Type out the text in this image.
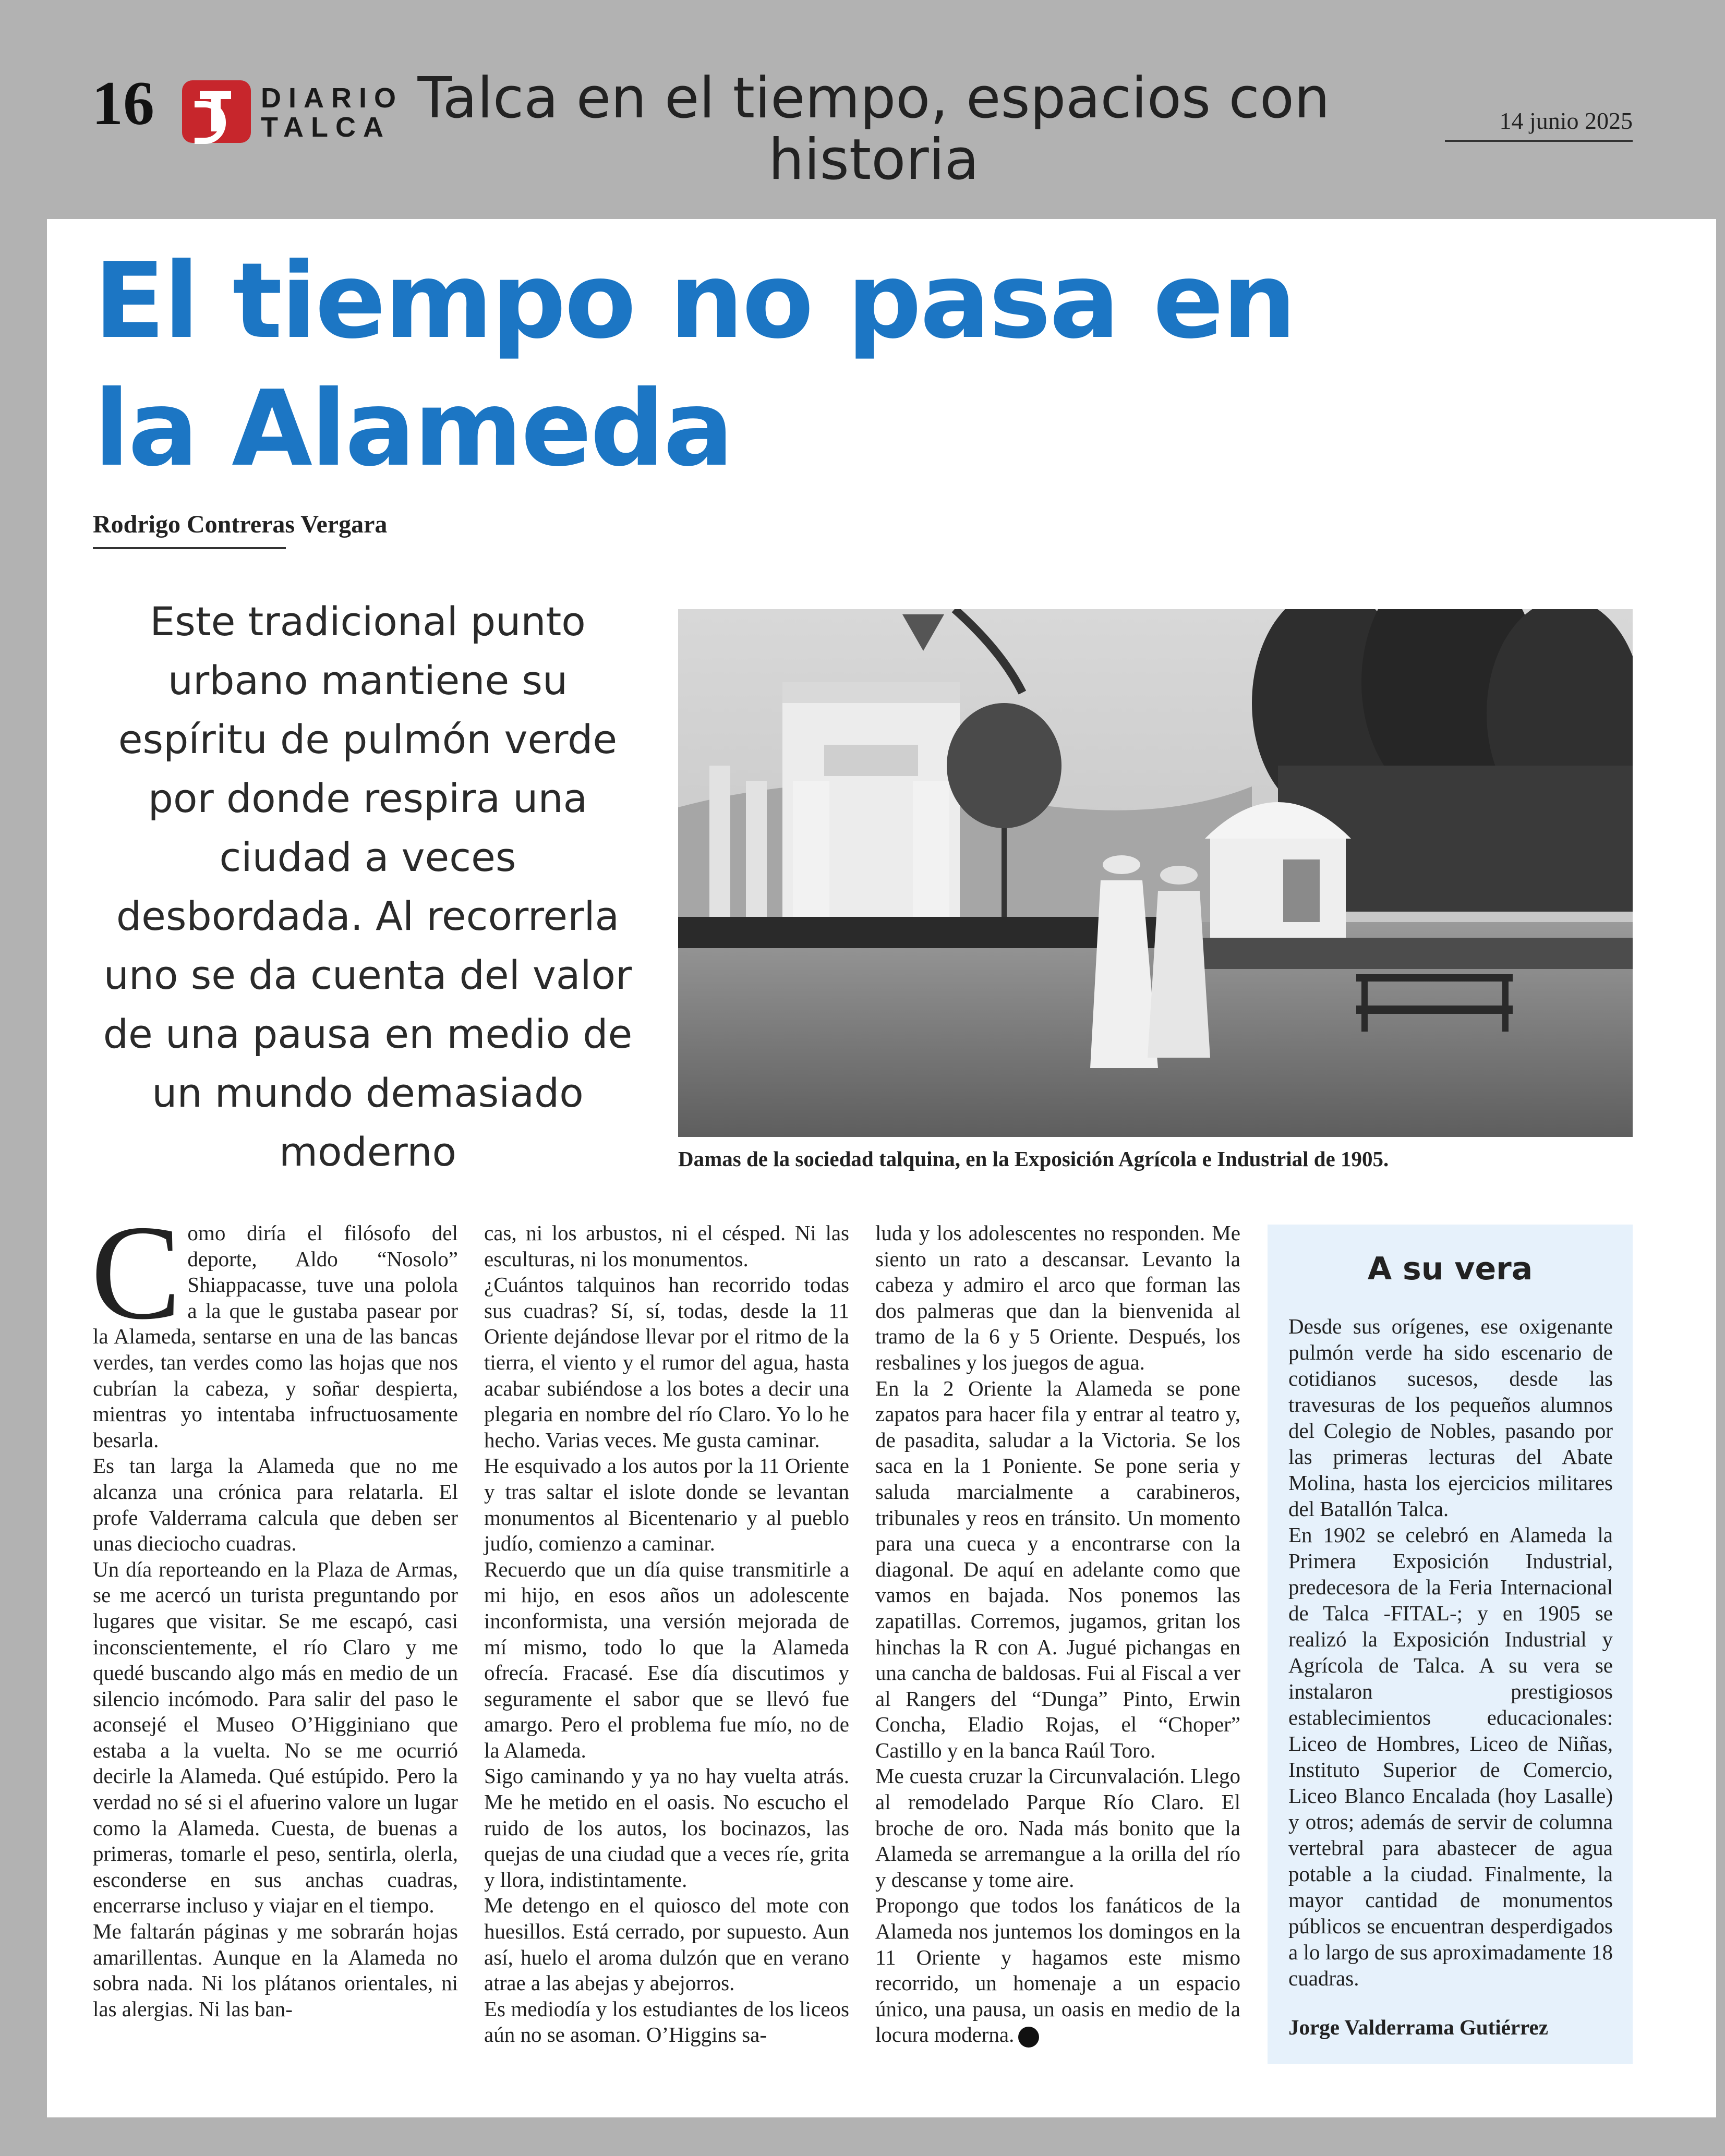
16	DIARIO TALCA Talca en el tiempo, espacios con historia
14 junio 2025
El tiempo no pasa en la Alameda
Rodrigo Contreras Vergara
Este tradicional punto urbano mantiene su espíritu de pulmón verde por donde respira una ciudad a veces desbordada. Al recorrerla uno se da cuenta del valor de una pausa en medio de un mundo demasiado moderno	Damas de la sociedad talquina, en la Exposición Agrícola e Industrial de 1905.
C omo diría el filósofo del deporte, Aldo “Nosolo” Shiappacasse, tuve una polola a la que le gustaba pasear por la Alameda, sentarse en una de las bancas verdes, tan verdes como las hojas que nos cubrían la cabeza, y soñar despierta, mientras yo intentaba infructuosamente besarla.

Es tan larga la Alameda que no me alcanza una crónica para relatarla. El profe Valderrama calcula que deben ser unas dieciocho cuadras.

Un día reporteando en la Plaza de Armas, se me acercó un turista preguntando por lugares que visitar. Se me escapó, casi inconscientemente, el río Claro y me quedé buscando algo más en medio de un silencio incómodo. Para salir del paso le aconsejé el Museo O’Higginiano que estaba a la vuelta. No se me ocurrió decirle la Alameda. Qué estúpido. Pero la verdad no sé si el afuerino valore un lugar como la Alameda. Cuesta, de buenas a primeras, tomarle el peso, sentirla, olerla, esconderse en sus anchas cuadras, encerrarse incluso y viajar en el tiempo.

Me faltarán páginas y me sobrarán hojas amarillentas. Aunque en la Alameda no sobra nada. Ni los plátanos orientales, ni las alergias. Ni las ban-

cas, ni los arbustos, ni el césped. Ni las esculturas, ni los monumentos.

¿Cuántos talquinos han recorrido todas sus cuadras? Sí, sí, todas, desde la 11 Oriente dejándose llevar por el ritmo de la tierra, el viento y el rumor del agua, hasta acabar subiéndose a los botes a decir una plegaria en nombre del río Claro. Yo lo he hecho. Varias veces. Me gusta caminar.

He esquivado a los autos por la 11 Oriente y tras saltar el islote donde se levantan monumentos al Bicentenario y al pueblo judío, comienzo a caminar.

Recuerdo que un día quise transmitirle a mi hijo, en esos años un adolescente inconformista, una versión mejorada de mí mismo, todo lo que la Alameda ofrecía. Fracasé. Ese día discutimos y seguramente el sabor que se llevó fue amargo. Pero el problema fue mío, no de la Alameda.

Sigo caminando y ya no hay vuelta atrás. Me he metido en el oasis. No escucho el ruido de los autos, los bocinazos, las quejas de una ciudad que a veces ríe, grita y llora, indistintamente.

Me detengo en el quiosco del mote con huesillos. Está cerrado, por supuesto. Aun así, huelo el aroma dulzón que en verano atrae a las abejas y abejorros.

Es mediodía y los estudiantes de los liceos aún no se asoman. O’Higgins sa-

luda y los adolescentes no responden. Me siento un rato a descansar. Levanto la cabeza y admiro el arco que forman las dos palmeras que dan la bienvenida al tramo de la 6 y 5 Oriente. Después, los resbalines y los juegos de agua.

En la 2 Oriente la Alameda se pone zapatos para hacer fila y entrar al teatro y, de pasadita, saludar a la Victoria. Se los saca en la 1 Poniente. Se pone seria y saluda marcialmente a carabineros, tribunales y reos en tránsito. Un momento para una cueca y a encontrarse con la diagonal. De aquí en adelante como que vamos en bajada. Nos ponemos las zapatillas. Corremos, jugamos, gritan los hinchas la R con A. Jugué pichangas en una cancha de baldosas. Fui al Fiscal a ver al Rangers del “Dunga” Pinto, Erwin Concha, Eladio Rojas, el “Choper” Castillo y en la banca Raúl Toro.

Me cuesta cruzar la Circunvalación. Llego al remodelado Parque Río Claro. El broche de oro. Nada más bonito que la Alameda se arremangue a la orilla del río y descanse y tome aire.

Propongo que todos los fanáticos de la Alameda nos juntemos los domingos en la 11 Oriente y hagamos este mismo recorrido, un homenaje a un espacio único, una pausa, un oasis en medio de la locura moderna.

A su vera

Desde sus orígenes, ese oxigenante pulmón verde ha sido escenario de cotidianos sucesos, desde las travesuras de los pequeños alumnos del Colegio de Nobles, pasando por las primeras lecturas del Abate Molina, hasta los ejercicios militares del Batallón Talca.

En 1902 se celebró en Alameda la Primera Exposición Industrial, predecesora de la Feria Internacional de Talca -FITAL-; y en 1905 se realizó la Exposición Industrial y Agrícola de Talca. A su vera se instalaron prestigiosos establecimientos educacionales: Liceo de Hombres, Liceo de Niñas, Instituto Superior de Comercio, Liceo Blanco Encalada (hoy Lasalle) y otros; además de servir de columna vertebral para abastecer de agua potable a la ciudad. Finalmente, la mayor cantidad de monumentos públicos se encuentran desperdigados a lo largo de sus aproximadamente 18 cuadras.

Jorge Valderrama Gutiérrez
